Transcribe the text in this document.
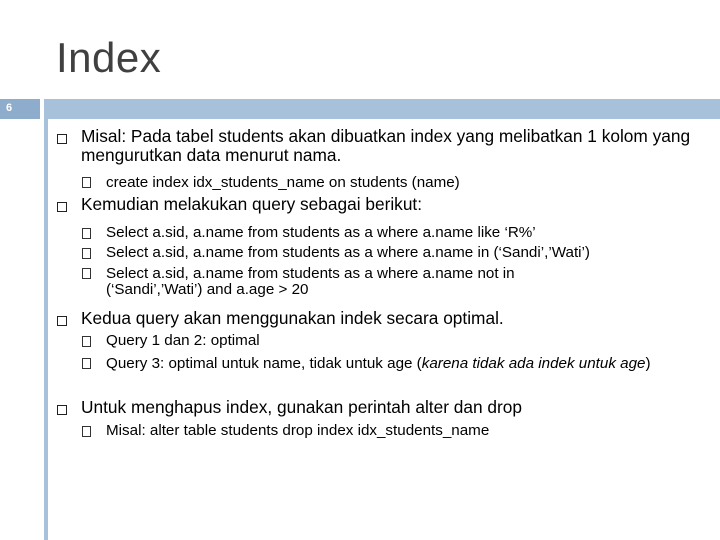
Index
6
Misal: Pada tabel students akan dibuatkan index yang melibatkan 1 kolom yang mengurutkan data menurut nama.
create index idx_students_name on students (name)
Kemudian melakukan query sebagai berikut:
Select a.sid, a.name from students as a where a.name like ‘R%’
Select a.sid, a.name from students as a where a.name in (‘Sandi’,’Wati’)
Select a.sid, a.name from students as a where a.name not in (‘Sandi’,’Wati’) and a.age > 20
Kedua query akan menggunakan indek secara optimal.
Query 1 dan 2: optimal
Query 3: optimal untuk name, tidak untuk age (karena tidak ada indek untuk age)
Untuk menghapus index, gunakan perintah alter dan drop
Misal: alter table students drop index idx_students_name
